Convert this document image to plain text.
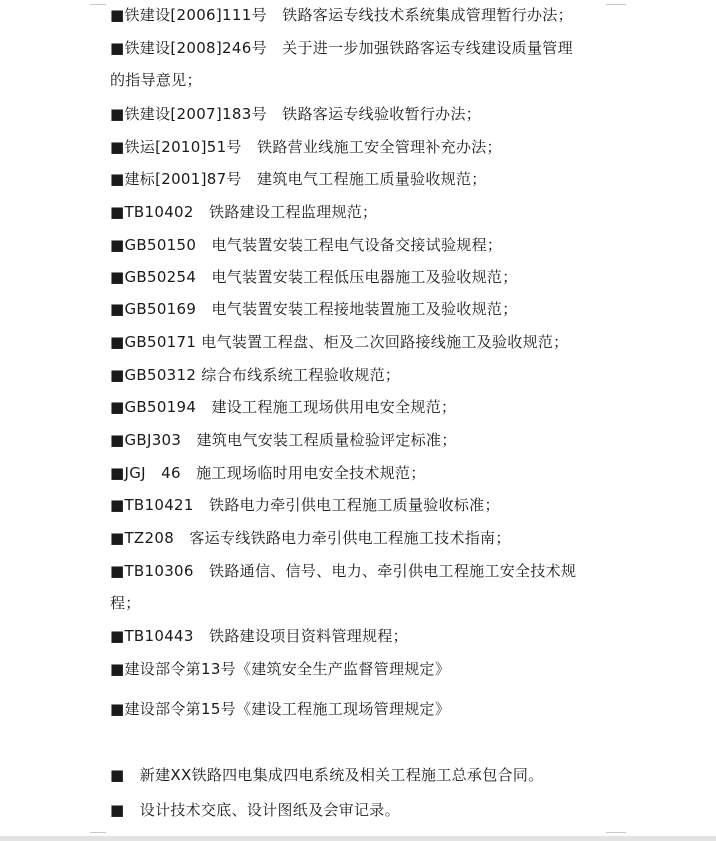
■铁建设[2006]111号　铁路客运专线技术系统集成管理暂行办法；
■铁建设[2008]246号　关于进一步加强铁路客运专线建设质量管理
的指导意见；
■铁建设[2007]183号　铁路客运专线验收暂行办法；
■铁运[2010]51号　铁路营业线施工安全管理补充办法；
■建标[2001]87号　建筑电气工程施工质量验收规范；
■TB10402　铁路建设工程监理规范；
■GB50150　电气装置安装工程电气设备交接试验规程；
■GB50254　电气装置安装工程低压电器施工及验收规范；
■GB50169　电气装置安装工程接地装置施工及验收规范；
■GB50171 电气装置工程盘、柜及二次回路接线施工及验收规范；
■GB50312 综合布线系统工程验收规范；
■GB50194　建设工程施工现场供用电安全规范；
■GBJ303　建筑电气安装工程质量检验评定标准；
■JGJ　46　施工现场临时用电安全技术规范；
■TB10421　铁路电力牵引供电工程施工质量验收标准；
■TZ208　客运专线铁路电力牵引供电工程施工技术指南；
■TB10306　铁路通信、信号、电力、牵引供电工程施工安全技术规
程；
■TB10443　铁路建设项目资料管理规程；
■建设部令第13号《建筑安全生产监督管理规定》
■建设部令第15号《建设工程施工现场管理规定》
■　新建XX铁路四电集成四电系统及相关工程施工总承包合同。
■　设计技术交底、设计图纸及会审记录。
